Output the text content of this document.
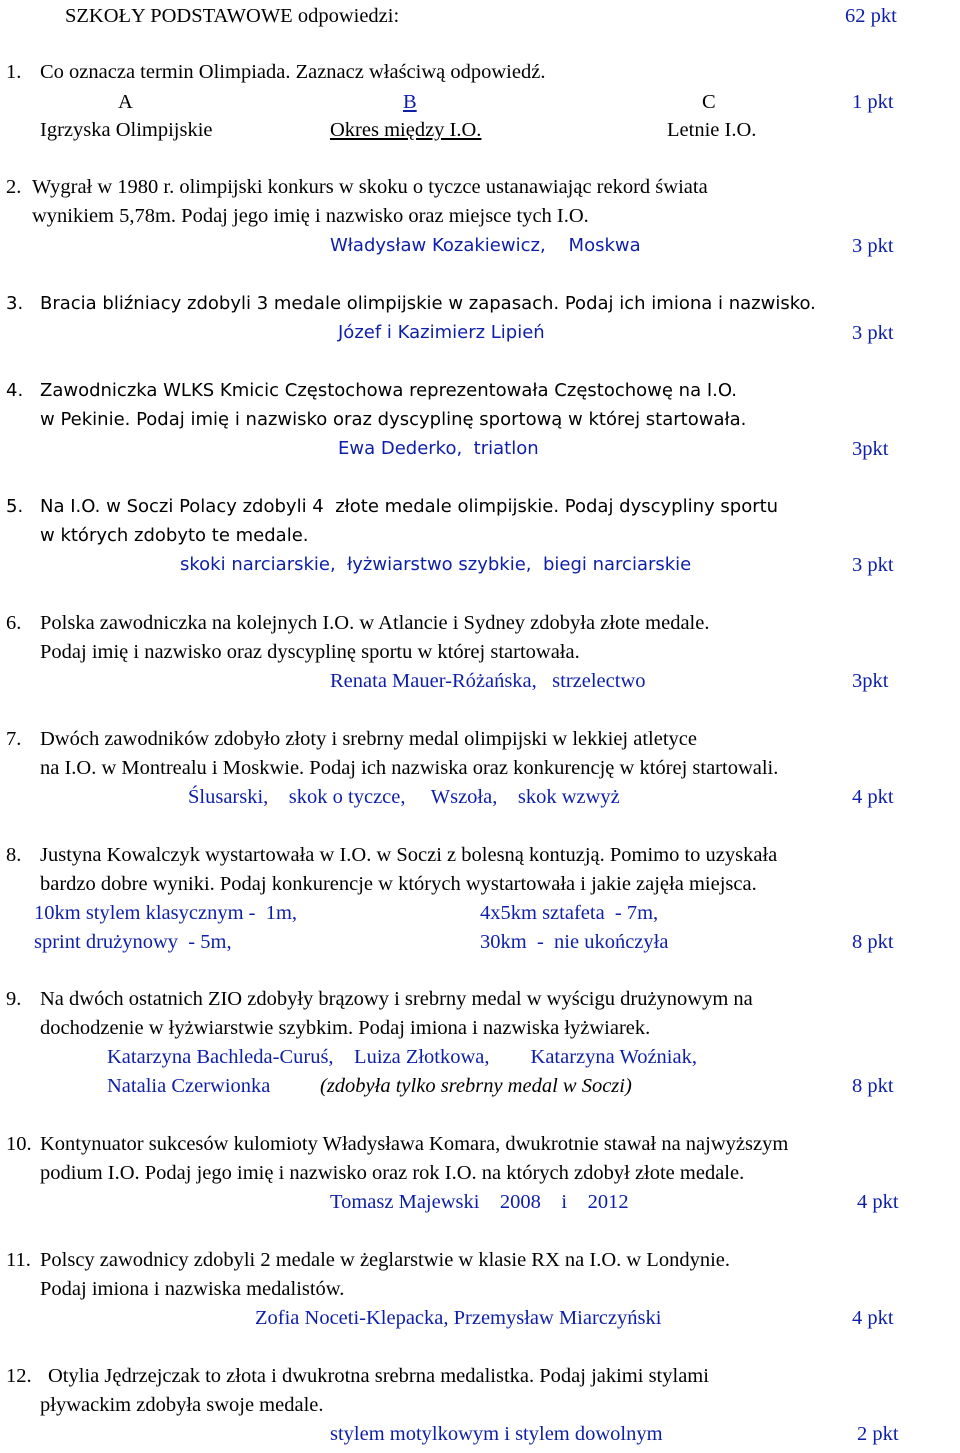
SZKOŁY PODSTAWOWE odpowiedzi:	62 pkt
1. Co oznacza termin Olimpiada. Zaznacz właściwą odpowiedź.
A	B	C	1 pkt
Igrzyska Olimpijskie	Okres między I.O.	Letnie I.O.
2. Wygrał w 1980 r. olimpijski konkurs w skoku o tyczce ustanawiając rekord świata
wynikiem 5,78m. Podaj jego imię i nazwisko oraz miejsce tych I.O.
Władysław Kozakiewicz,    Moskwa	3 pkt
3. Bracia bliźniacy zdobyli 3 medale olimpijskie w zapasach. Podaj ich imiona i nazwisko.
Józef i Kazimierz Lipień	3 pkt
4. Zawodniczka WLKS Kmicic Częstochowa reprezentowała Częstochowę na I.O.
w Pekinie. Podaj imię i nazwisko oraz dyscyplinę sportową w której startowała.
Ewa Dederko,  triatlon	3pkt
5. Na I.O. w Soczi Polacy zdobyli 4  złote medale olimpijskie. Podaj dyscypliny sportu
w których zdobyto te medale.
skoki narciarskie,  łyżwiarstwo szybkie,  biegi narciarskie	3 pkt
6. Polska zawodniczka na kolejnych I.O. w Atlancie i Sydney zdobyła złote medale.
Podaj imię i nazwisko oraz dyscyplinę sportu w której startowała.
Renata Mauer-Różańska,   strzelectwo	3pkt
7. Dwóch zawodników zdobyło złoty i srebrny medal olimpijski w lekkiej atletyce
na I.O. w Montrealu i Moskwie. Podaj ich nazwiska oraz konkurencję w której startowali.
Ślusarski,    skok o tyczce,     Wszoła,    skok wzwyż	4 pkt
8. Justyna Kowalczyk wystartowała w I.O. w Soczi z bolesną kontuzją. Pomimo to uzyskała
bardzo dobre wyniki. Podaj konkurencje w których wystartowała i jakie zajęła miejsca.
10km stylem klasycznym -  1m,	4x5km sztafeta  - 7m,
sprint drużynowy  - 5m,	30km  -  nie ukończyła	8 pkt
9. Na dwóch ostatnich ZIO zdobyły brązowy i srebrny medal w wyścigu drużynowym na
dochodzenie w łyżwiarstwie szybkim. Podaj imiona i nazwiska łyżwiarek.
Katarzyna Bachleda-Curuś,    Luiza Złotkowa,        Katarzyna Woźniak,
Natalia Czerwionka (zdobyła tylko srebrny medal w Soczi)	8 pkt
10. Kontynuator sukcesów kulomioty Władysława Komara, dwukrotnie stawał na najwyższym
podium I.O. Podaj jego imię i nazwisko oraz rok I.O. na których zdobył złote medale.
Tomasz Majewski    2008    i    2012	4 pkt
11. Polscy zawodnicy zdobyli 2 medale w żeglarstwie w klasie RX na I.O. w Londynie.
Podaj imiona i nazwiska medalistów.
Zofia Noceti-Klepacka, Przemysław Miarczyński	4 pkt
12. Otylia Jędrzejczak to złota i dwukrotna srebrna medalistka. Podaj jakimi stylami
pływackim zdobyła swoje medale.
stylem motylkowym i stylem dowolnym	2 pkt
